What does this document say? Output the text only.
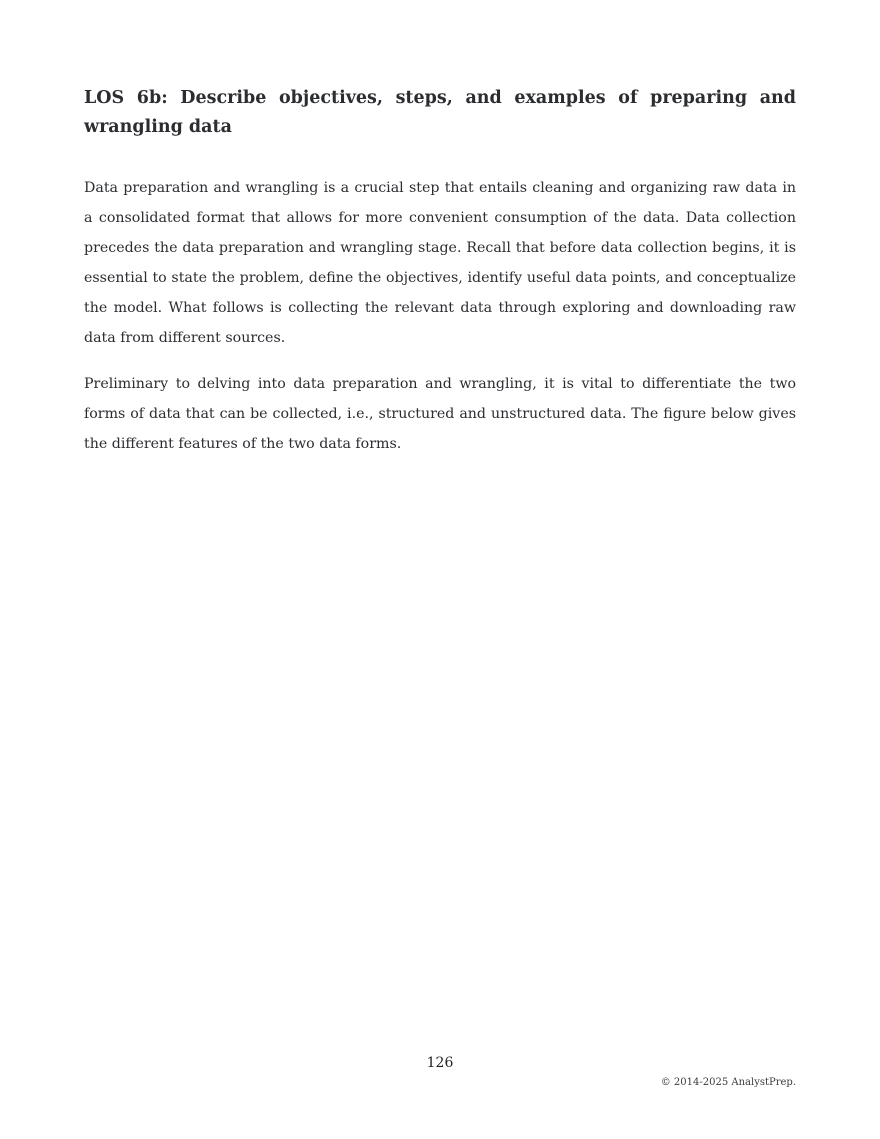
LOS 6b: Describe objectives, steps, and examples of preparing and wrangling data

Data preparation and wrangling is a crucial step that entails cleaning and organizing raw data in a consolidated format that allows for more convenient consumption of the data. Data collection precedes the data preparation and wrangling stage. Recall that before data collection begins, it is essential to state the problem, define the objectives, identify useful data points, and conceptualize the model. What follows is collecting the relevant data through exploring and downloading raw data from different sources.

Preliminary to delving into data preparation and wrangling, it is vital to differentiate the two forms of data that can be collected, i.e., structured and unstructured data. The figure below gives the different features of the two data forms.

126
© 2014-2025 AnalystPrep.
